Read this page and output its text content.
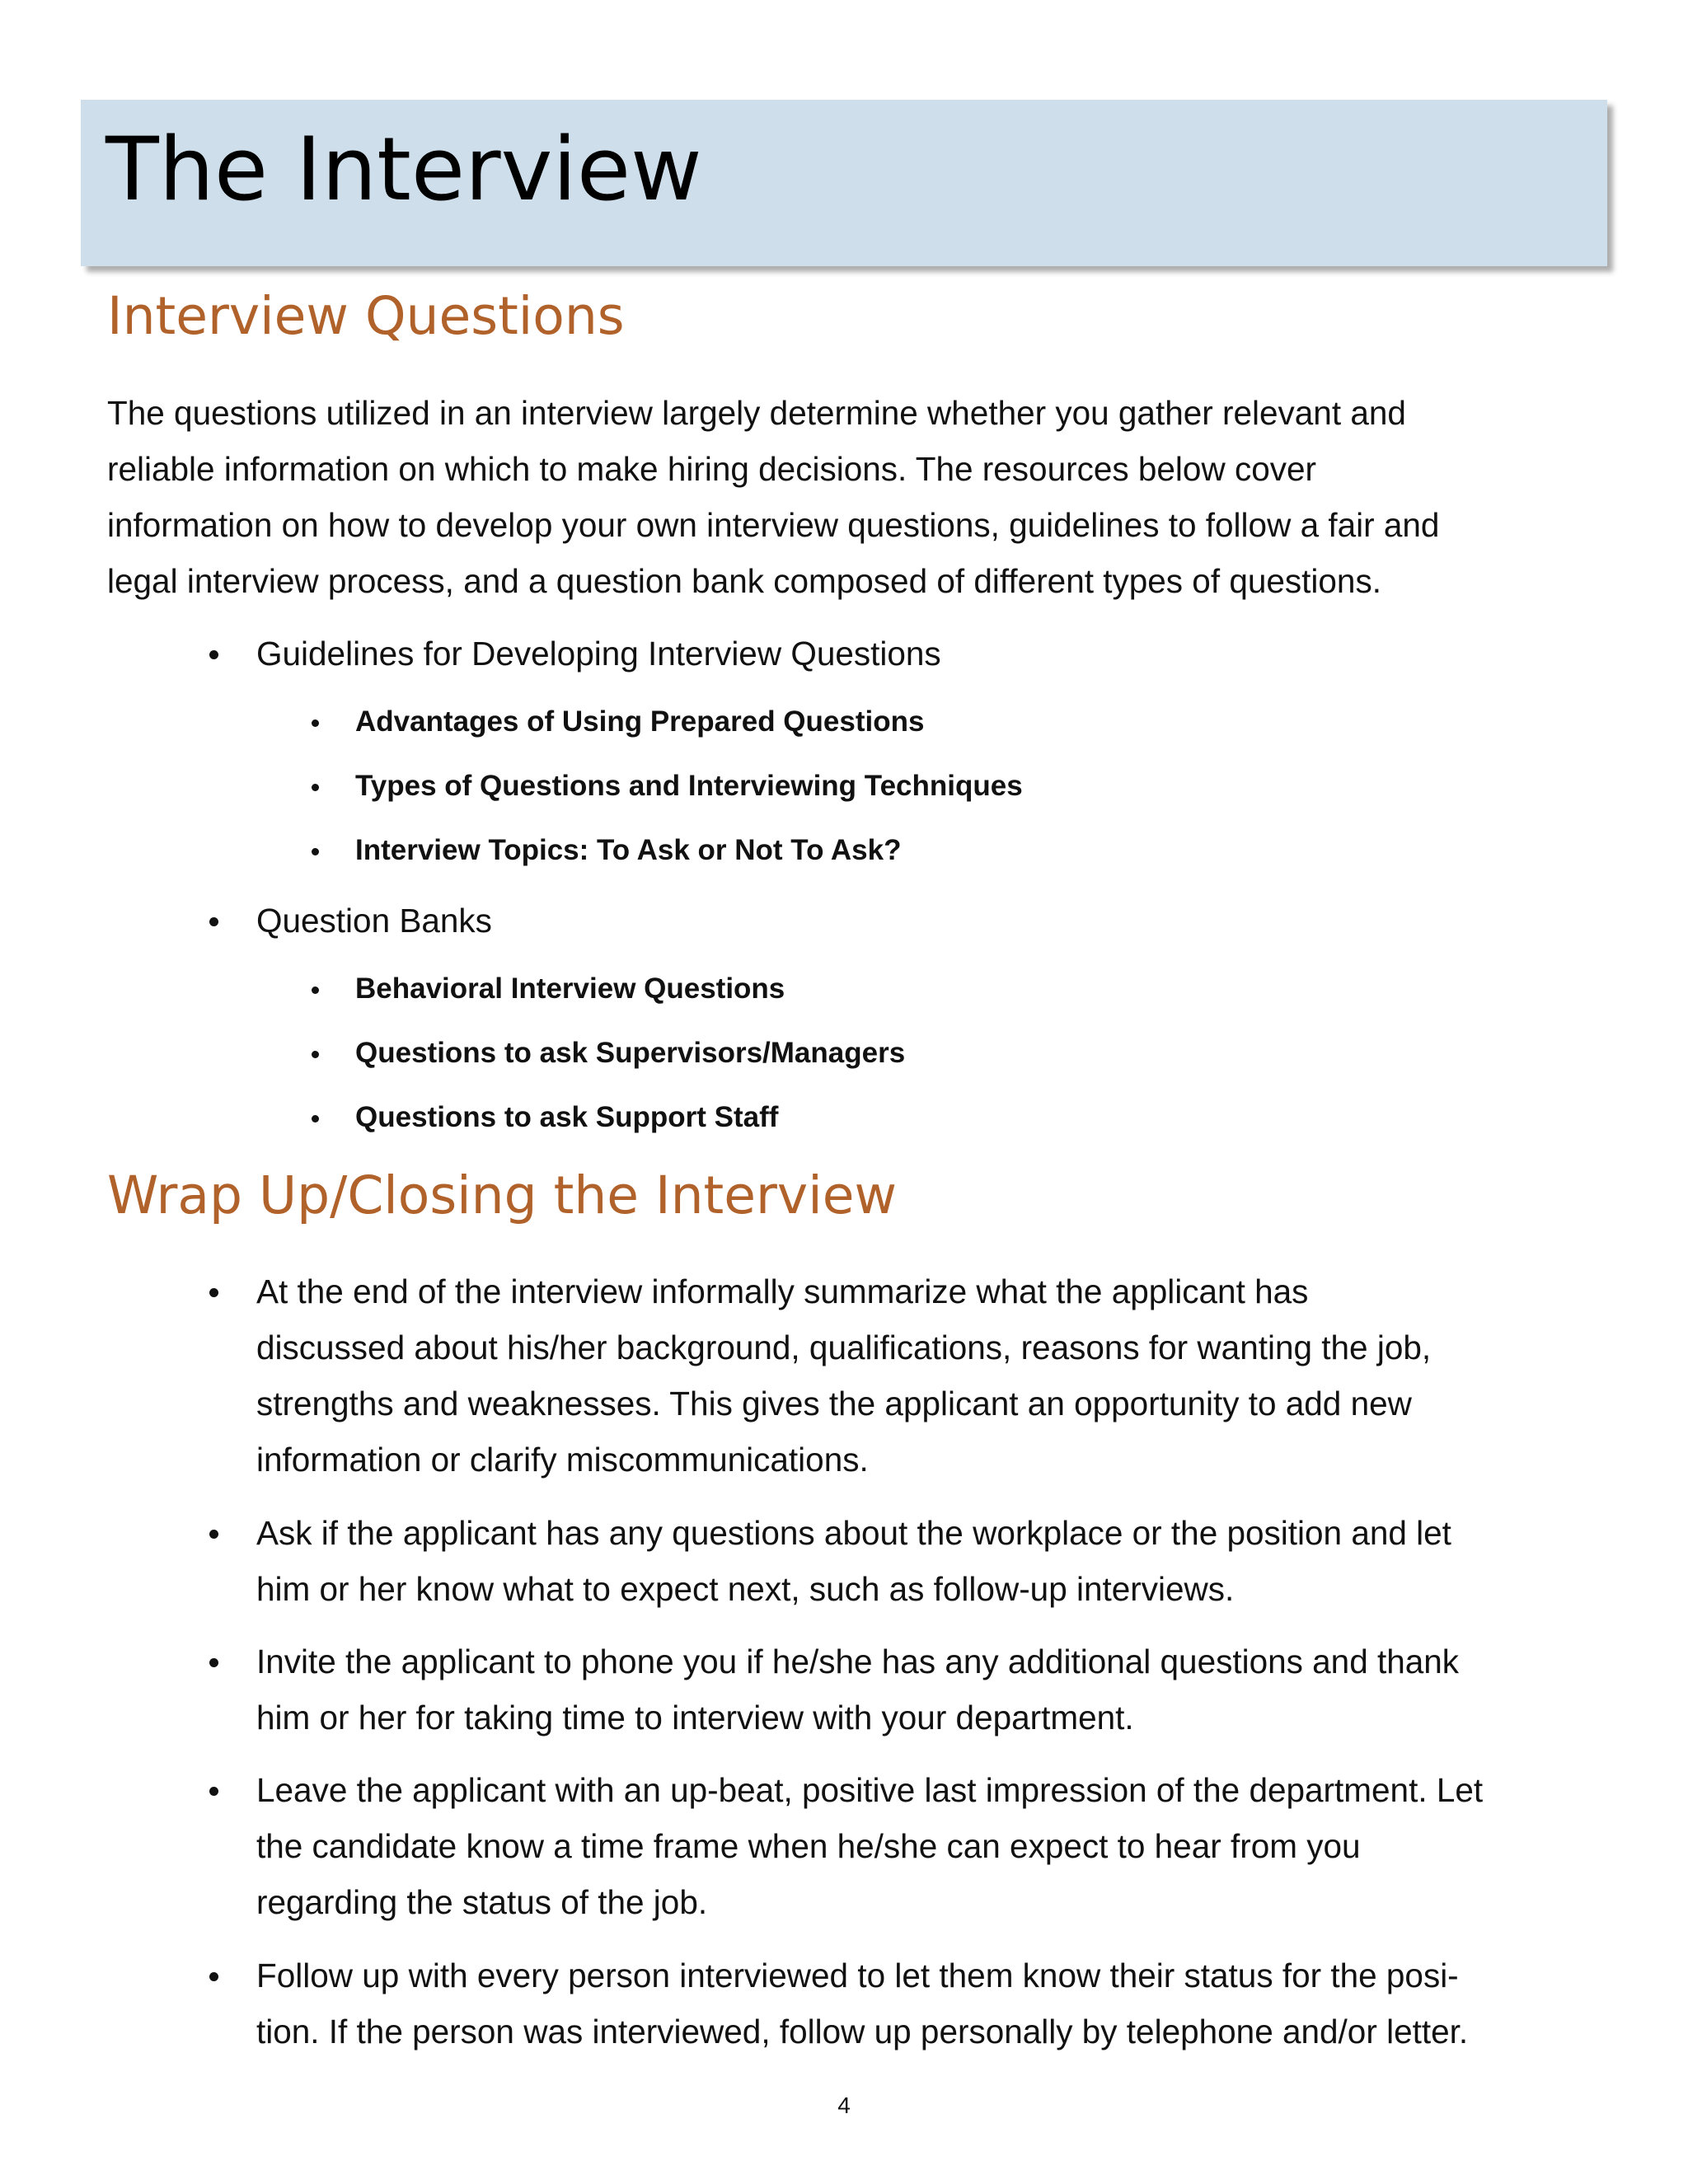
The Interview
Interview Questions
The questions utilized in an interview largely determine whether you gather relevant and
reliable information on which to make hiring decisions. The resources below cover
information on how to develop your own interview questions, guidelines to follow a fair and
legal interview process, and a question bank composed of different types of questions.
Guidelines for Developing Interview Questions
Advantages of Using Prepared Questions
Types of Questions and Interviewing Techniques
Interview Topics: To Ask or Not To Ask?
Question Banks
Behavioral Interview Questions
Questions to ask Supervisors/Managers
Questions to ask Support Staff
Wrap Up/Closing the Interview
At the end of the interview informally summarize what the applicant has
discussed about his/her background, qualifications, reasons for wanting the job,
strengths and weaknesses. This gives the applicant an opportunity to add new
information or clarify miscommunications.
Ask if the applicant has any questions about the workplace or the position and let
him or her know what to expect next, such as follow-up interviews.
Invite the applicant to phone you if he/she has any additional questions and thank
him or her for taking time to interview with your department.
Leave the applicant with an up-beat, positive last impression of the department. Let
the candidate know a time frame when he/she can expect to hear from you
regarding the status of the job.
Follow up with every person interviewed to let them know their status for the posi-
tion. If the person was interviewed, follow up personally by telephone and/or letter.
4
